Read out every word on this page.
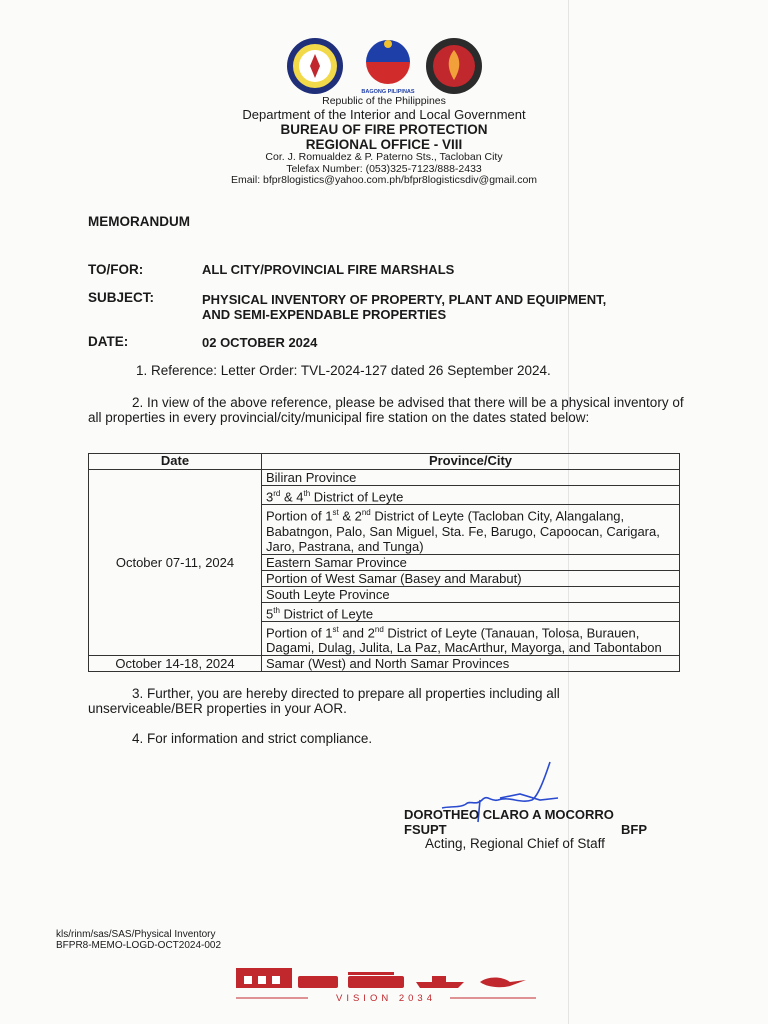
BAGONG PILIPINAS
Republic of the Philippines
Department of the Interior and Local Government
BUREAU OF FIRE PROTECTION
REGIONAL OFFICE - VIII
Cor. J. Romualdez & P. Paterno Sts., Tacloban City
Telefax Number: (053)325-7123/888-2433
Email: bfpr8logistics@yahoo.com.ph/bfpr8logisticsdiv@gmail.com
MEMORANDUM
TO/FOR:	ALL CITY/PROVINCIAL FIRE MARSHALS
SUBJECT:	PHYSICAL INVENTORY OF PROPERTY, PLANT AND EQUIPMENT,
AND SEMI-EXPENDABLE PROPERTIES
DATE:	02 OCTOBER 2024
1. Reference: Letter Order: TVL-2024-127 dated 26 September 2024.
2. In view of the above reference, please be advised that there will be a physical inventory of all properties in every provincial/city/municipal fire station on the dates stated below:
Date	Province/City
October 07-11, 2024	Biliran Province
	3rd & 4th District of Leyte
	Portion of 1st & 2nd District of Leyte (Tacloban City, Alangalang, Babatngon, Palo, San Miguel, Sta. Fe, Barugo, Capoocan, Carigara, Jaro, Pastrana, and Tunga)
	Eastern Samar Province
	Portion of West Samar (Basey and Marabut)
	South Leyte Province
	5th District of Leyte
	Portion of 1st and 2nd District of Leyte (Tanauan, Tolosa, Burauen, Dagami, Dulag, Julita, La Paz, MacArthur, Mayorga, and Tabontabon
October 14-18, 2024	Samar (West) and North Samar Provinces
3. Further, you are hereby directed to prepare all properties including all unserviceable/BER properties in your AOR.
4. For information and strict compliance.
DOROTHEO CLARO A MOCORRO
FSUPT	BFP
Acting, Regional Chief of Staff
kls/rinm/sas/SAS/Physical Inventory
BFPR8-MEMO-LOGD-OCT2024-002
VISION 2034
